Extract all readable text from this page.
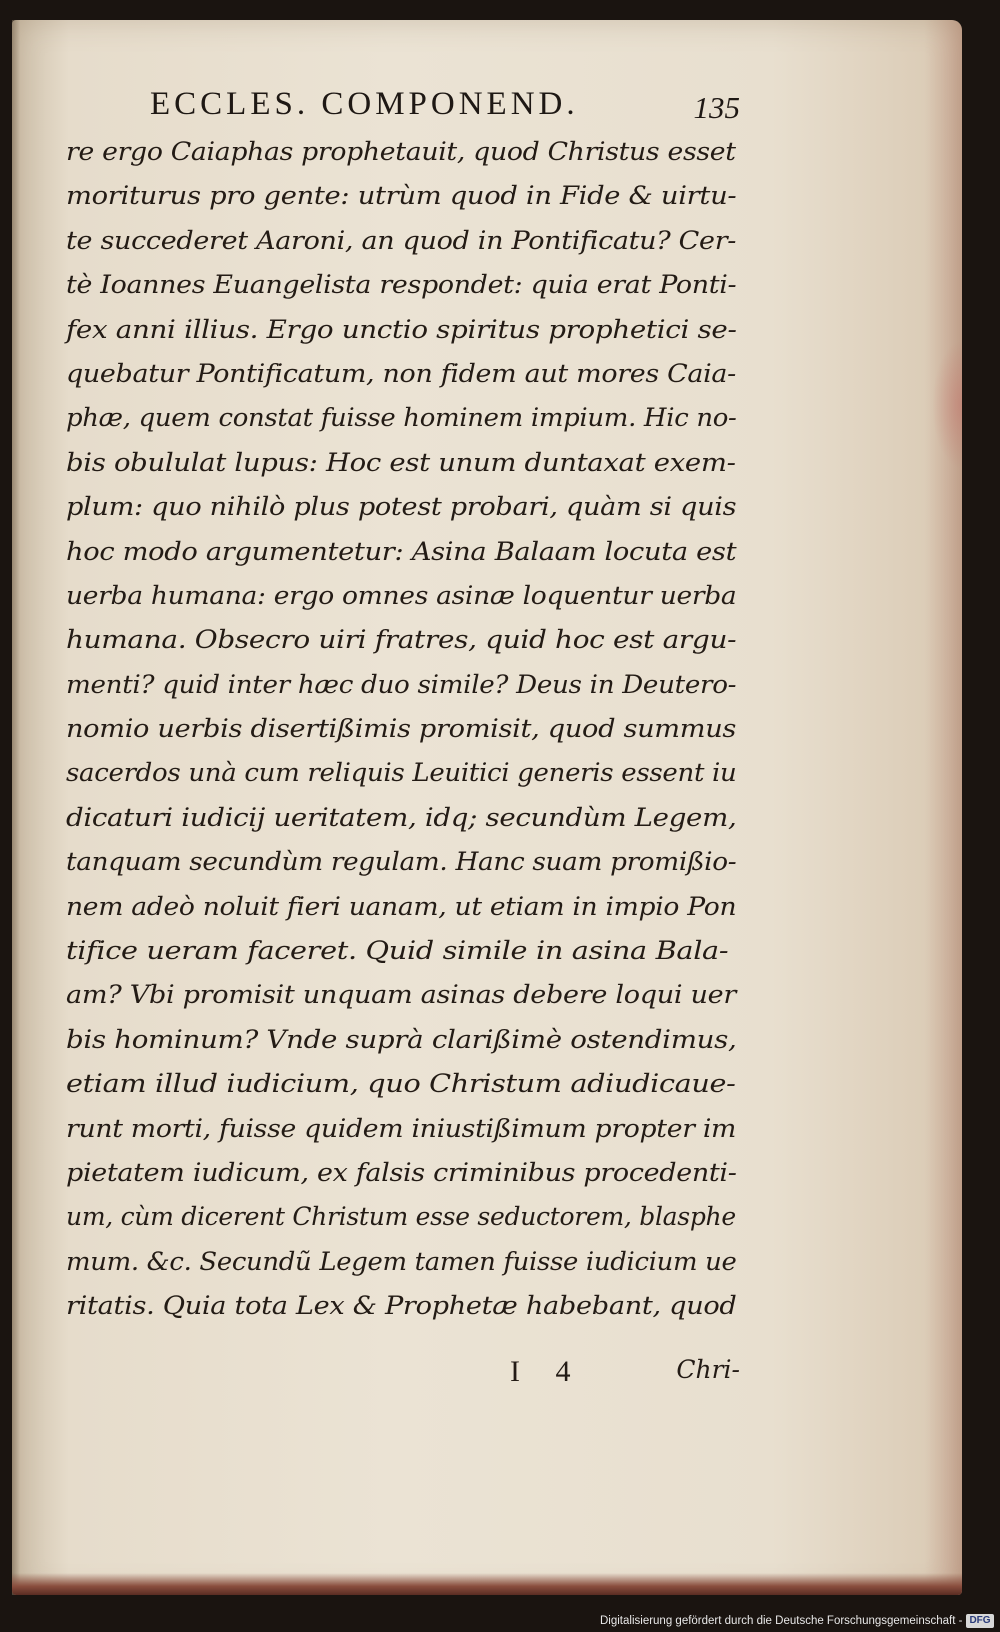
ECCLES. COMPONEND.	135
re ergo Caiaphas prophetauit, quod Christus esset
moriturus pro gente: utrùm quod in Fide & uirtu-
te succederet Aaroni, an quod in Pontificatu? Cer-
tè Ioannes Euangelista respondet: quia erat Ponti-
fex anni illius. Ergo unctio spiritus prophetici se-
quebatur Pontificatum, non fidem aut mores Caia-
phæ, quem constat fuisse hominem impium. Hic no-
bis obululat lupus: Hoc est unum duntaxat exem-
plum: quo nihilò plus potest probari, quàm si quis
hoc modo argumentetur: Asina Balaam locuta est
uerba humana: ergo omnes asinæ loquentur uerba
humana. Obsecro uiri fratres, quid hoc est argu-
menti? quid inter hæc duo simile? Deus in Deutero-
nomio uerbis disertißimis promisit, quod summus
sacerdos unà cum reliquis Leuitici generis essent iu
dicaturi iudicij ueritatem, idq; secundùm Legem,
tanquam secundùm regulam. Hanc suam promißio-
nem adeò noluit fieri uanam, ut etiam in impio Pon
tifice ueram faceret. Quid simile in asina Bala-
am? Vbi promisit unquam asinas debere loqui uer
bis hominum? Vnde suprà clarißimè ostendimus,
etiam illud iudicium, quo Christum adiudicaue-
runt morti, fuisse quidem iniustißimum propter im
pietatem iudicum, ex falsis criminibus procedenti-
um, cùm dicerent Christum esse seductorem, blasphe
mum. &c. Secundũ Legem tamen fuisse iudicium ue
ritatis. Quia tota Lex & Prophetæ habebant, quod
I 4	Chri-
Digitalisierung gefördert durch die Deutsche Forschungsgemeinschaft - DFG
